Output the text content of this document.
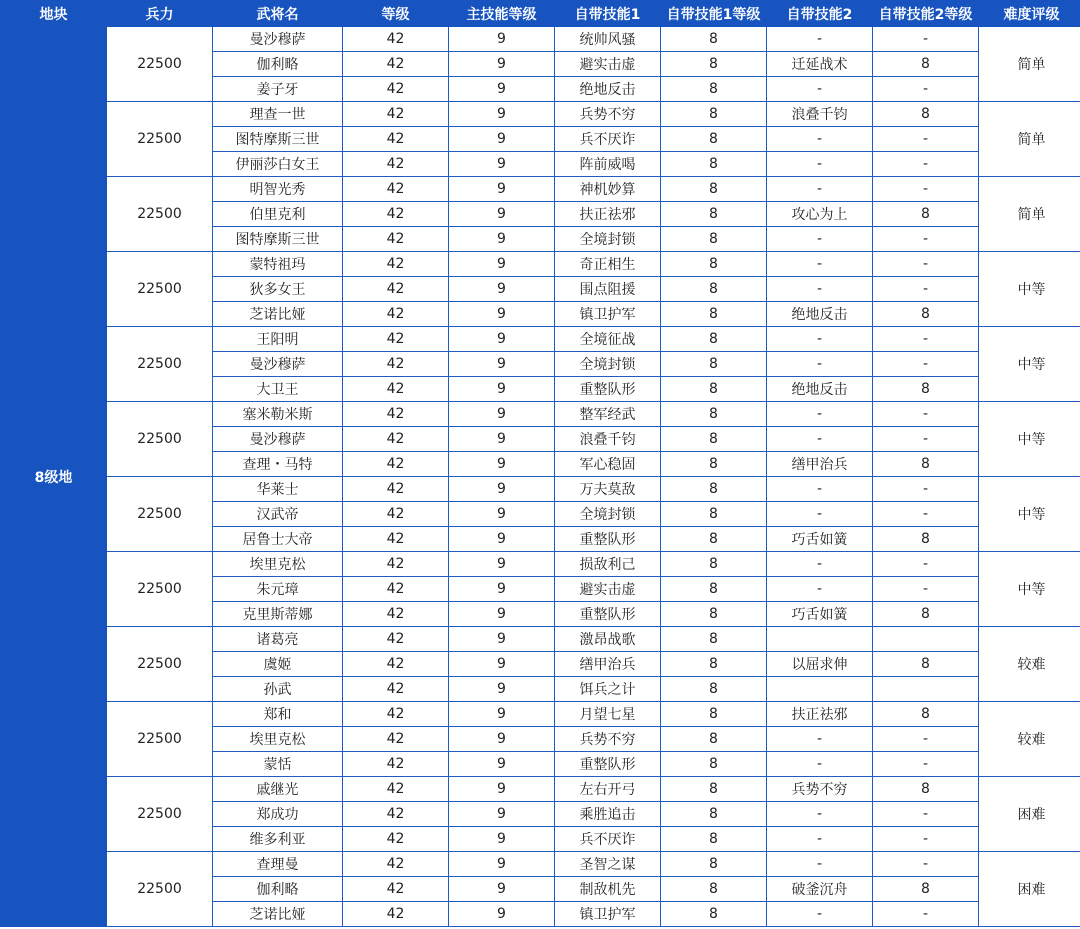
地块	兵力	武将名	等级	主技能等级	自带技能1	自带技能1等级	自带技能2	自带技能2等级	难度评级
8级地	22500	曼沙穆萨	42	9	统帅风骚	8	-	-	简单
		伽利略	42	9	避实击虚	8	迁延战术	8	
		姜子牙	42	9	绝地反击	8	-	-	
	22500	理查一世	42	9	兵势不穷	8	浪叠千钧	8	简单
		图特摩斯三世	42	9	兵不厌诈	8	-	-	
		伊丽莎白女王	42	9	阵前威喝	8	-	-	
	22500	明智光秀	42	9	神机妙算	8	-	-	简单
		伯里克利	42	9	扶正祛邪	8	攻心为上	8	
		图特摩斯三世	42	9	全境封锁	8	-	-	
	22500	蒙特祖玛	42	9	奇正相生	8	-	-	中等
		狄多女王	42	9	围点阻援	8	-	-	
		芝诺比娅	42	9	镇卫护军	8	绝地反击	8	
	22500	王阳明	42	9	全境征战	8	-	-	中等
		曼沙穆萨	42	9	全境封锁	8	-	-	
		大卫王	42	9	重整队形	8	绝地反击	8	
	22500	塞米勒米斯	42	9	整军经武	8	-	-	中等
		曼沙穆萨	42	9	浪叠千钧	8	-	-	
		查理・马特	42	9	军心稳固	8	缮甲治兵	8	
	22500	华莱士	42	9	万夫莫敌	8	-	-	中等
		汉武帝	42	9	全境封锁	8	-	-	
		居鲁士大帝	42	9	重整队形	8	巧舌如簧	8	
	22500	埃里克松	42	9	损敌利己	8	-	-	中等
		朱元璋	42	9	避实击虚	8	-	-	
		克里斯蒂娜	42	9	重整队形	8	巧舌如簧	8	
	22500	诸葛亮	42	9	激昂战歌	8			较难
		虞姬	42	9	缮甲治兵	8	以屈求伸	8	
		孙武	42	9	饵兵之计	8			
	22500	郑和	42	9	月望七星	8	扶正祛邪	8	较难
		埃里克松	42	9	兵势不穷	8	-	-	
		蒙恬	42	9	重整队形	8	-	-	
	22500	戚继光	42	9	左右开弓	8	兵势不穷	8	困难
		郑成功	42	9	乘胜追击	8	-	-	
		维多利亚	42	9	兵不厌诈	8	-	-	
	22500	查理曼	42	9	圣智之谋	8	-	-	困难
		伽利略	42	9	制敌机先	8	破釜沉舟	8	
		芝诺比娅	42	9	镇卫护军	8	-	-	
